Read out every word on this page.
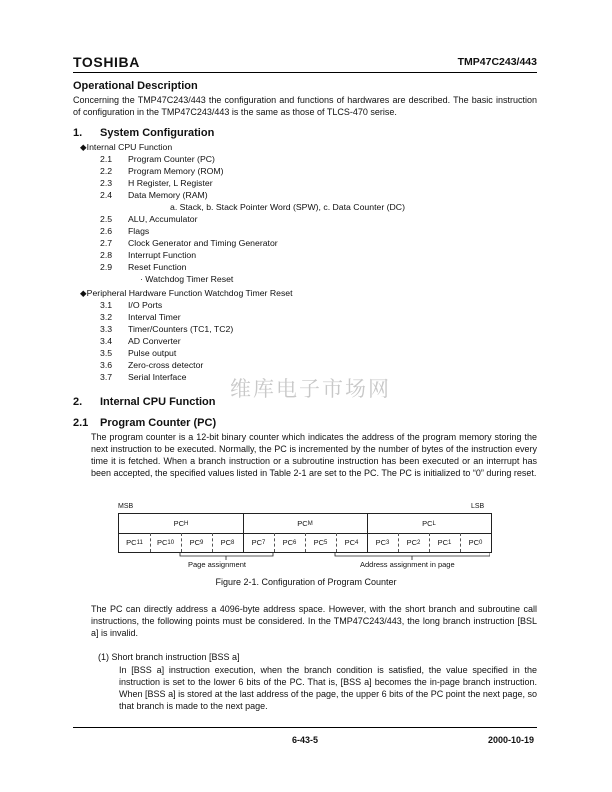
TOSHIBA	TMP47C243/443
Operational Description
Concerning the TMP47C243/443 the configuration and functions of hardwares are described. The basic instruction of configuration in the TMP47C243/443 is the same as those of TLCS-470 serise.
1. System Configuration
◆Internal CPU Function
2.1 Program Counter (PC)
2.2 Program Memory (ROM)
2.3 H Register, L Register
2.4 Data Memory (RAM)
a. Stack, b. Stack Pointer Word (SPW), c. Data Counter (DC)
2.5 ALU, Accumulator
2.6 Flags
2.7 Clock Generator and Timing Generator
2.8 Interrupt Function
2.9 Reset Function
· Watchdog Timer Reset
◆Peripheral Hardware Function Watchdog Timer Reset
3.1 I/O Ports
3.2 Interval Timer
3.3 Timer/Counters (TC1, TC2)
3.4 AD Converter
3.5 Pulse output
3.6 Zero-cross detector
3.7 Serial Interface 维库电子市场网
2. Internal CPU Function
2.1 Program Counter (PC)
The program counter is a 12-bit binary counter which indicates the address of the program memory storing the next instruction to be executed. Normally, the PC is incremented by the number of bytes of the instruction every time it is fetched. When a branch instruction or a subroutine instruction has been executed or an interrupt has been accepted, the specified values listed in Table 2-1 are set to the PC. The PC is initialized to “0” during reset.
MSB	LSB
PC H	PC M	PC L
PC 11 PC 10 PC 9 PC 8 PC 7 PC 6 PC 5 PC 4 PC 3 PC 2 PC 1 PC 0
Page assignment	Address assignment in page
Figure 2-1. Configuration of Program Counter
The PC can directly address a 4096-byte address space. However, with the short branch and subroutine call instructions, the following points must be considered. In the TMP47C243/443, the long branch instruction [BSL a] is invalid.
(1) Short branch instruction [BSS a]
In [BSS a] instruction execution, when the branch condition is satisfied, the value specified in the instruction is set to the lower 6 bits of the PC. That is, [BSS a] becomes the in-page branch instruction. When [BSS a] is stored at the last address of the page, the upper 6 bits of the PC point the next page, so that branch is made to the next page.
6-43-5	2000-10-19
